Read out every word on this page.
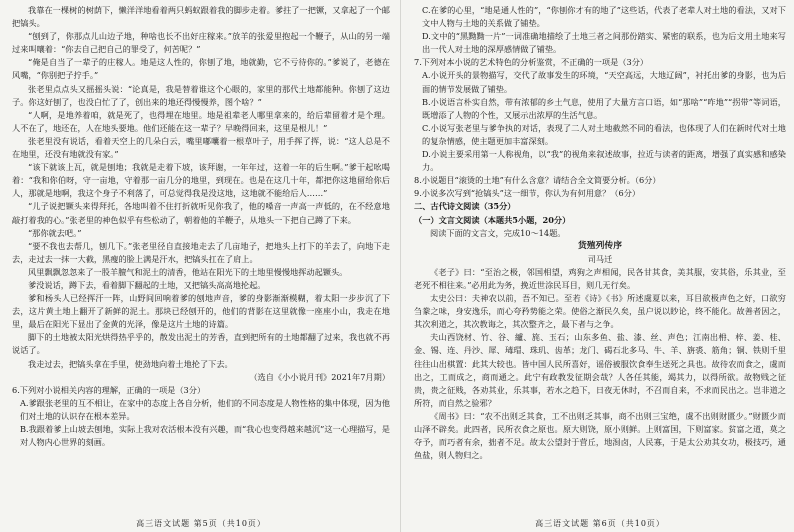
我靠在一棵树的树荫下，懒洋洋地看着两只蚂蚁跟着我的脚步走着。爹拄了一把镢，又拿起了一个邮把镐头。

“刨到了，你那点儿山边子地，种啥也长不出好庄稼来。”放羊的张爱里抱起一个鞭子，从山的另一端过来叫嚷着：“你去自己把自己的罪受了，何苦呢？”

“俺是自当了一辈子的庄稼人。地是这人性的，你刨了地，地就勤，它不亏待你的。”爹说了，老德在风嘴，“你别把子拧手。”

张老里点点头又摇摇头说：“论真是，我是替着谁这个心眼的，家里的那代土地都能种。你刨了这边子。你这好刨了，也没白忙了了，创出来的地还得慢慢养，图个啥？”

“人啊，是地养着咱，就是死了，也得埋在地里。地是祖辈老人哪里拿来的，给后辈留着才是个理。人不在了，地还在，人在地头要地。他们还能在这一辈子？早晚得回来，这里是根儿！”

张老里没有说话，看着天空上的几朵白云，嘴里嘟囔着一根草叶子，用手挥了挥，说：“这人总是不在地里，还没有地就没有家。”

“该下就该上瓦，就是刨地；我就是走着下坡，该拜谢，一年年过，这着一年的后生啊。”爹干起吆喝着：“我和你伯呀，守一亩地，守着那一亩几分的地里，到现在。也是在这几十年，都把你这地留给你后人，那就是地啊，我这个身子不利落了，可总觉得我是没这地，这地就不能给后人……”

“儿子说把镢头来得拜托，各地叫着不住打折就听见你我了，他的嗓音一声高一声低的，在不经意地敲打着我的心。”张老里的神色似乎有些松动了，朝着他的羊鞭子，从地头一下把自己蹲了下来。

“那你就去吧。”

“要不我也去帮几，刨几下。”张老里径自直接地走去了几亩地子，把地头上打下的羊去了，向地下走去，走过去一抹一大截，黑瘦的脸上满是汗水，把镐头扛在了肩上。

风里飘飘忽忽来了一股羊膻气和泥土的清香，他站在阳光下的土地里慢慢地挥动起镢头。

爹没说话，蹲下去，看着脚下翻起的土地，又把镐头高高地抡起。

爹和杨头人已经挥汗一阵，山野间回响着爹的刨地声音，爹的身影渐渐模糊，着太阳一步步沉了下去，这片黄土地上翻开了新鲜的泥土。那块已经刨开的，他们的背影在这里就像一座座小山，我走在地里，最后在阳光下显出了金黄的光泽，像是这片土地的诗篇。

脚下的土地被太阳光烘得热乎乎的，散发出泥土的芳香，直到把所有的土地都翻了过来，我也就不再说话了。

我走过去，把镐头拿在手里，使劲地向着土地抡了下去。

（选自《小小说月刊》2021年7月期）

6.下列对小说相关内容的理解，正确的一项是（3分）

A.爹跟张老里的互不相让，在家中的态度上各自分析，他们的不同态度是人物性格的集中体现，因为他们对土地的认识存在根本差异。

B.我跟着爹上山坡去刨地，实际上我对农活根本没有兴趣，而“我心也变得越来越沉”这一心理描写，是对人物内心世界的刻画。

高三语文试题 第5页（共10页）

C.在爹的心里，“地是通人性的”，“你刨你才有的地了”这些话，代表了老辈人对土地的看法，又对下文中人物与土地的关系做了铺垫。

D.文中的“黑黝黝一片”一词准确地描绘了土地三者之间那份踏实、紧密的联系，也为后文用土地来写出一代人对土地的深厚感情做了铺垫。

7.下列对本小说的艺术特色的分析鉴赏，不正确的一项是（3分）

A.小说开头的景物描写，交代了故事发生的环境，“天空高远，大地辽阔”，衬托出爹的身影，也为后面的情节发展做了铺垫。

B.小说语言朴实自然，带有浓郁的乡土气息，使用了大量方言口语，如“那啥”“咋地”“拐带”等词语，既增添了人物的个性，又展示出浓厚的生活气息。

C.小说写张老里与爹争执的对话，表现了二人对土地截然不同的看法，也体现了人们在新时代对土地的复杂情感，使主题更加丰富深刻。

D.小说主要采用第一人称视角，以“我”的视角来叙述故事，拉近与读者的距离，增强了真实感和感染力。

8.小说题目“滚烫的土地”有什么含意？请结合全文简要分析。（6分）

9.小说多次写到“抢镐头”这一细节，你认为有何用意？（6分）

二、古代诗文阅读（35分）

（一）文言文阅读（本题共5小题，20分）

阅读下面的文言文，完成10～14题。

货殖列传序

司马迁

《老子》曰：“至治之极，邻国相望，鸡狗之声相闻，民各甘其食，美其服，安其俗，乐其业，至老死不相往来。”必用此为务，挽近世涂民耳目，则几无行矣。

太史公曰：夫神农以前，吾不知已。至若《诗》《书》所述虞夏以来，耳目欲极声色之好，口欲穷刍豢之味，身安逸乐，而心夸矜势能之荣。使俗之渐民久矣，虽户说以眇论，终不能化。故善者因之，其次利道之，其次教诲之，其次整齐之，最下者与之争。

夫山西饶材、竹、谷、纑、旄、玉石；山东多鱼、盐、漆、丝、声色；江南出枏、梓、姜、桂、金、锡、连、丹沙、犀、瑇瑁、珠玑、齿革；龙门、碣石北多马、牛、羊、旃裘、筋角；铜、铁则千里往往山出棋置：此其大较也。皆中国人民所喜好，谣俗被服饮食奉生送死之具也。故待农而食之，虞而出之，工而成之，商而通之。此宁有政教发征期会哉？人各任其能，竭其力，以得所欲。故物贱之征贵，贵之征贱，各劝其业，乐其事，若水之趋下，日夜无休时，不召而自来，不求而民出之。岂非道之所符，而自然之验邪？

《周书》曰：“农不出则乏其食，工不出则乏其事，商不出则三宝绝，虞不出则财匮少。”财匮少而山泽不辟矣。此四者，民所衣食之原也。原大则饶，原小则鲜。上则富国，下则富家。贫富之道，莫之夺予，而巧者有余，拙者不足。故太公望封于营丘，地潟卤，人民寡，于是太公劝其女功，极技巧，通鱼盐，则人物归之。

高三语文试题 第6页（共10页）
